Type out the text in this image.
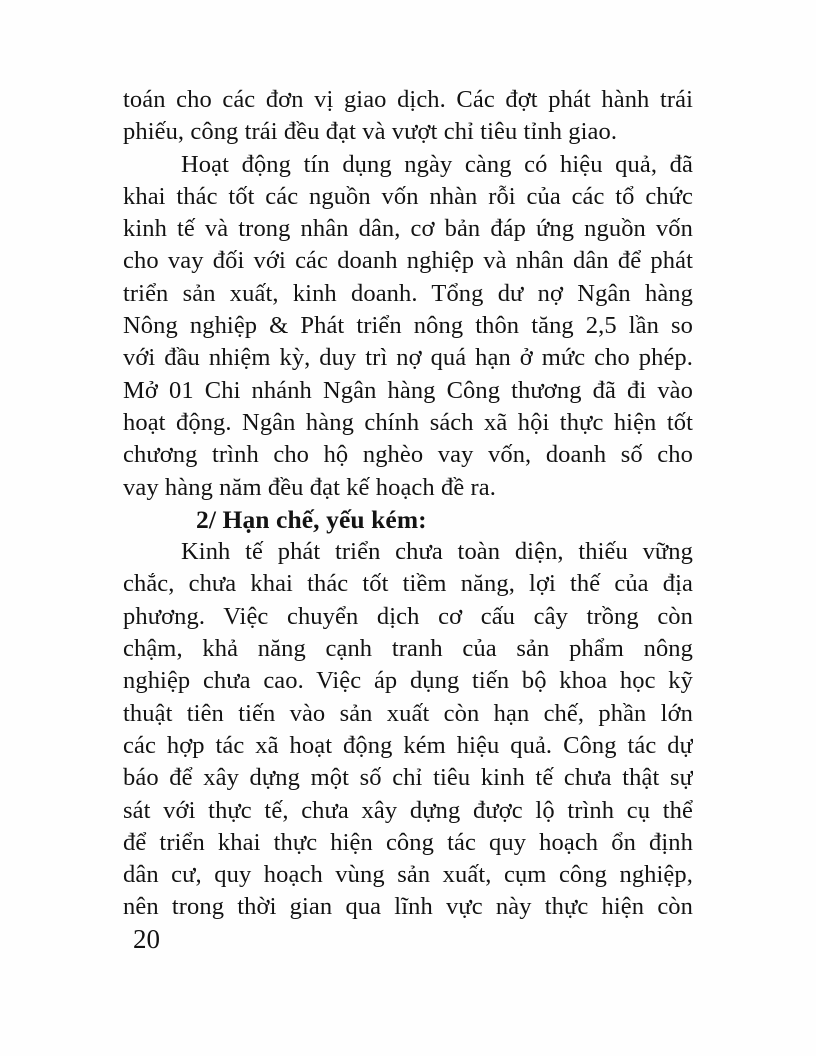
toán cho các đơn vị giao dịch. Các đợt phát hành trái
phiếu, công trái đều đạt và vượt chỉ tiêu tỉnh giao.
Hoạt động tín dụng ngày càng có hiệu quả, đã
khai thác tốt các nguồn vốn nhàn rỗi của các tổ chức
kinh tế và trong nhân dân, cơ bản đáp ứng nguồn vốn
cho vay đối với các doanh nghiệp và nhân dân để phát
triển sản xuất, kinh doanh. Tổng dư nợ Ngân hàng
Nông nghiệp & Phát triển nông thôn tăng 2,5 lần so
với đầu nhiệm kỳ, duy trì nợ quá hạn ở mức cho phép.
Mở 01 Chi nhánh Ngân hàng Công thương đã đi vào
hoạt động. Ngân hàng chính sách xã hội thực hiện tốt
chương trình cho hộ nghèo vay vốn, doanh số cho
vay hàng năm đều đạt kế hoạch đề ra.
2/ Hạn chế, yếu kém:
Kinh tế phát triển chưa toàn diện, thiếu vững
chắc, chưa khai thác tốt tiềm năng, lợi thế của địa
phương. Việc chuyển dịch cơ cấu cây trồng còn
chậm, khả năng cạnh tranh của sản phẩm nông
nghiệp chưa cao. Việc áp dụng tiến bộ khoa học kỹ
thuật tiên tiến vào sản xuất còn hạn chế, phần lớn
các hợp tác xã hoạt động kém hiệu quả. Công tác dự
báo để xây dựng một số chỉ tiêu kinh tế chưa thật sự
sát với thực tế, chưa xây dựng được lộ trình cụ thể
để triển khai thực hiện công tác quy hoạch ổn định
dân cư, quy hoạch vùng sản xuất, cụm công nghiệp,
nên trong thời gian qua lĩnh vực này thực hiện còn
20
